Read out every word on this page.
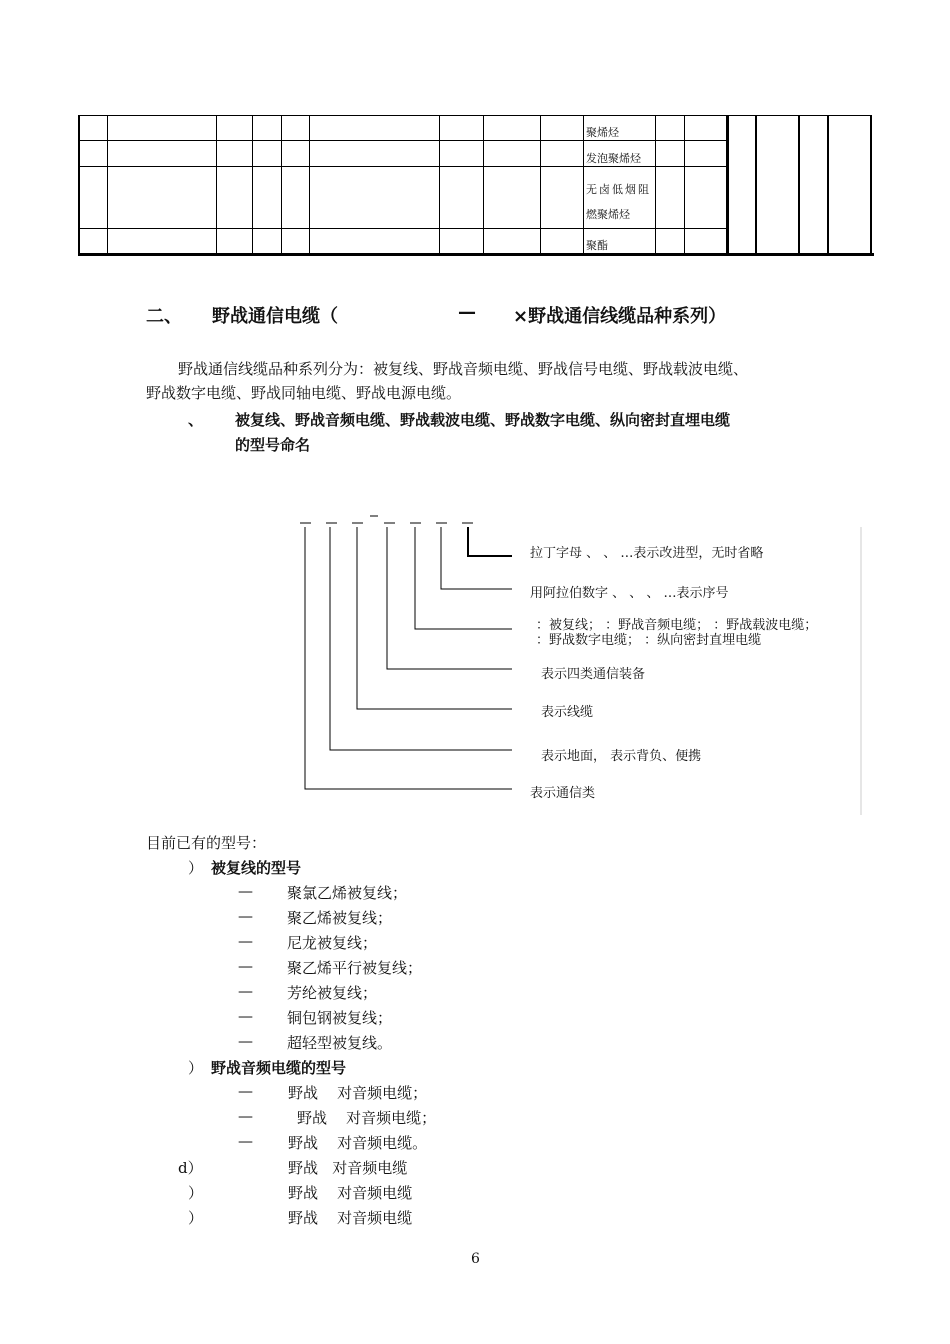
聚烯烃
发泡聚烯烃
无卤低烟阻
燃聚烯烃
聚酯
二、 野战通信电缆（	— ×野战通信线缆品种系列）
野战通信线缆品种系列分为：被复线、野战音频电缆、野战信号电缆、野战载波电缆、
野战数字电缆、野战同轴电缆、野战电源电缆。
、 被复线、野战音频电缆、野战载波电缆、野战数字电缆、纵向密封直埋电缆
的型号命名
拉丁字母 、 、 …表示改进型，无时省略
用阿拉伯数字 、 、 、 …表示序号
：被复线； ：野战音频电缆； ：野战载波电缆；
：野战数字电缆； ：纵向密封直埋电缆
表示四类通信装备
表示线缆
表示地面， 表示背负、便携
表示通信类
目前已有的型号：
） 被复线的型号
— 聚氯乙烯被复线；
— 聚乙烯被复线；
— 尼龙被复线；
— 聚乙烯平行被复线；
— 芳纶被复线；
— 铜包钢被复线；
— 超轻型被复线。
） 野战音频电缆的型号
— 野战    对音频电缆；
—	野战    对音频电缆；
— 野战    对音频电缆。
d）	野战   对音频电缆
）	野战    对音频电缆
）	野战    对音频电缆
6
